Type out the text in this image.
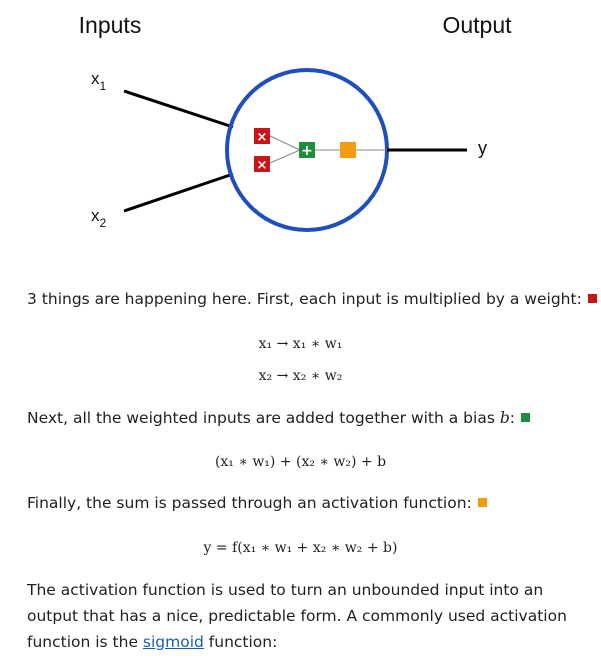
Inputs	Output
$x_1$
$x_2$
×
×
+	y

3 things are happening here. First, each input is multiplied by a weight:

x₁ → x₁ ∗ w₁
x₂ → x₂ ∗ w₂

Next, all the weighted inputs are added together with a bias b:

(x₁ ∗ w₁) + (x₂ ∗ w₂) + b

Finally, the sum is passed through an activation function:

y = f(x₁ ∗ w₁ + x₂ ∗ w₂ + b)

The activation function is used to turn an unbounded input into an output that has a nice, predictable form. A commonly used activation function is the sigmoid function:
